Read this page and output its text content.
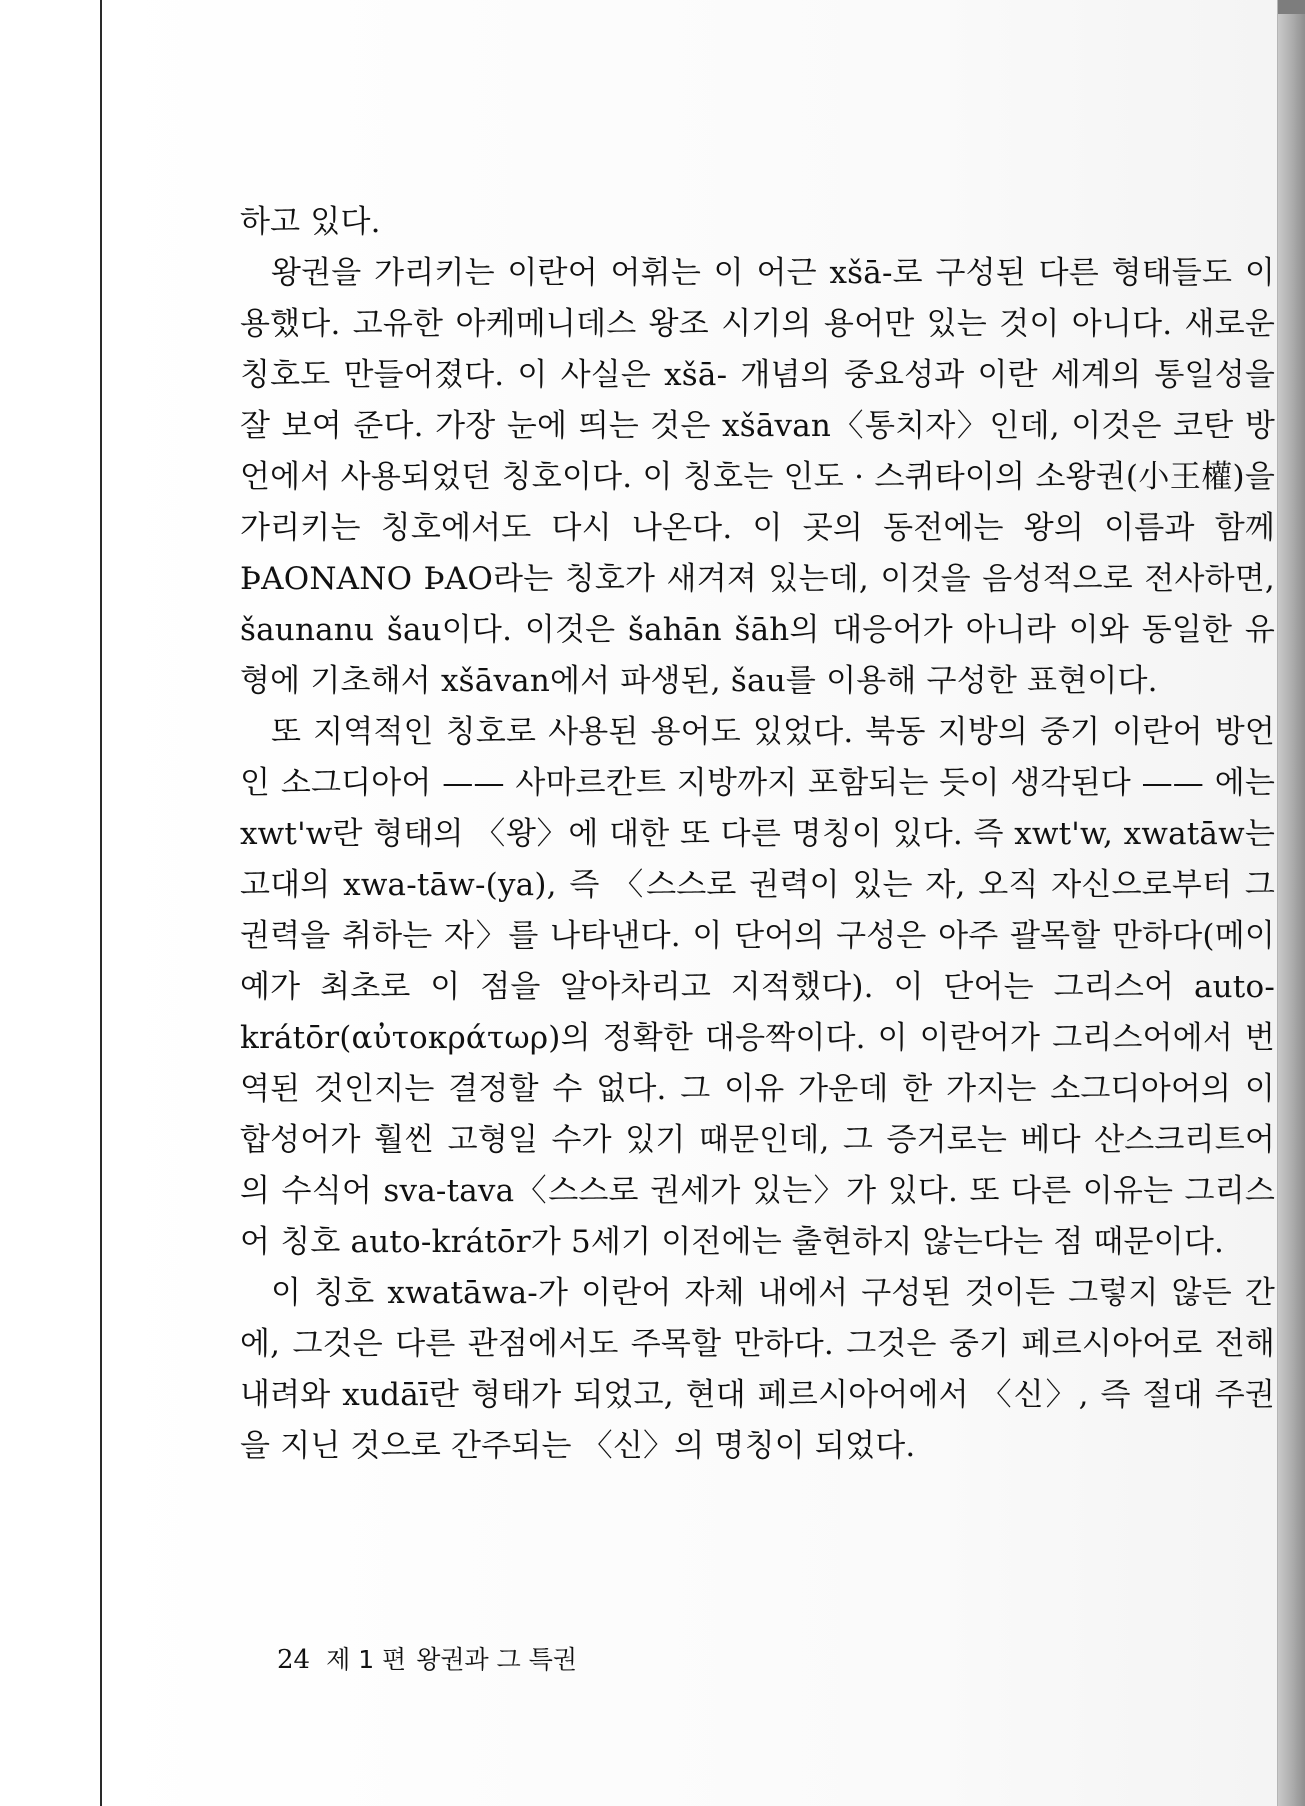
하고 있다.

왕권을 가리키는 이란어 어휘는 이 어근 xšā-로 구성된 다른 형태들도 이용했다. 고유한 아케메니데스 왕조 시기의 용어만 있는 것이 아니다. 새로운 칭호도 만들어졌다. 이 사실은 xšā- 개념의 중요성과 이란 세계의 통일성을 잘 보여 준다. 가장 눈에 띄는 것은 xšāvan〈통치자〉인데, 이것은 코탄 방언에서 사용되었던 칭호이다. 이 칭호는 인도 · 스퀴타이의 소왕권(小王權)을 가리키는 칭호에서도 다시 나온다. 이 곳의 동전에는 왕의 이름과 함께 ÞAONANO ÞAO라는 칭호가 새겨져 있는데, 이것을 음성적으로 전사하면, šaunanu šau이다. 이것은 šahān šāh의 대응어가 아니라 이와 동일한 유형에 기초해서 xšāvan에서 파생된, šau를 이용해 구성한 표현이다.

또 지역적인 칭호로 사용된 용어도 있었다. 북동 지방의 중기 이란어 방언인 소그디아어 —— 사마르칸트 지방까지 포함되는 듯이 생각된다 —— 에는 xwt'w란 형태의 〈왕〉에 대한 또 다른 명칭이 있다. 즉 xwt'w, xwatāw는 고대의 xwa-tāw-(ya), 즉 〈스스로 권력이 있는 자, 오직 자신으로부터 그 권력을 취하는 자〉를 나타낸다. 이 단어의 구성은 아주 괄목할 만하다(메이예가 최초로 이 점을 알아차리고 지적했다). 이 단어는 그리스어 auto-krátōr(αὐτοκράτωρ)의 정확한 대응짝이다. 이 이란어가 그리스어에서 번역된 것인지는 결정할 수 없다. 그 이유 가운데 한 가지는 소그디아어의 이 합성어가 훨씬 고형일 수가 있기 때문인데, 그 증거로는 베다 산스크리트어의 수식어 sva-tava〈스스로 권세가 있는〉가 있다. 또 다른 이유는 그리스어 칭호 auto-krátōr가 5세기 이전에는 출현하지 않는다는 점 때문이다.

이 칭호 xwatāwa-가 이란어 자체 내에서 구성된 것이든 그렇지 않든 간에, 그것은 다른 관점에서도 주목할 만하다. 그것은 중기 페르시아어로 전해 내려와 xudāī란 형태가 되었고, 현대 페르시아어에서 〈신〉, 즉 절대 주권을 지닌 것으로 간주되는 〈신〉의 명칭이 되었다.

24 제 1 편 왕권과 그 특권
